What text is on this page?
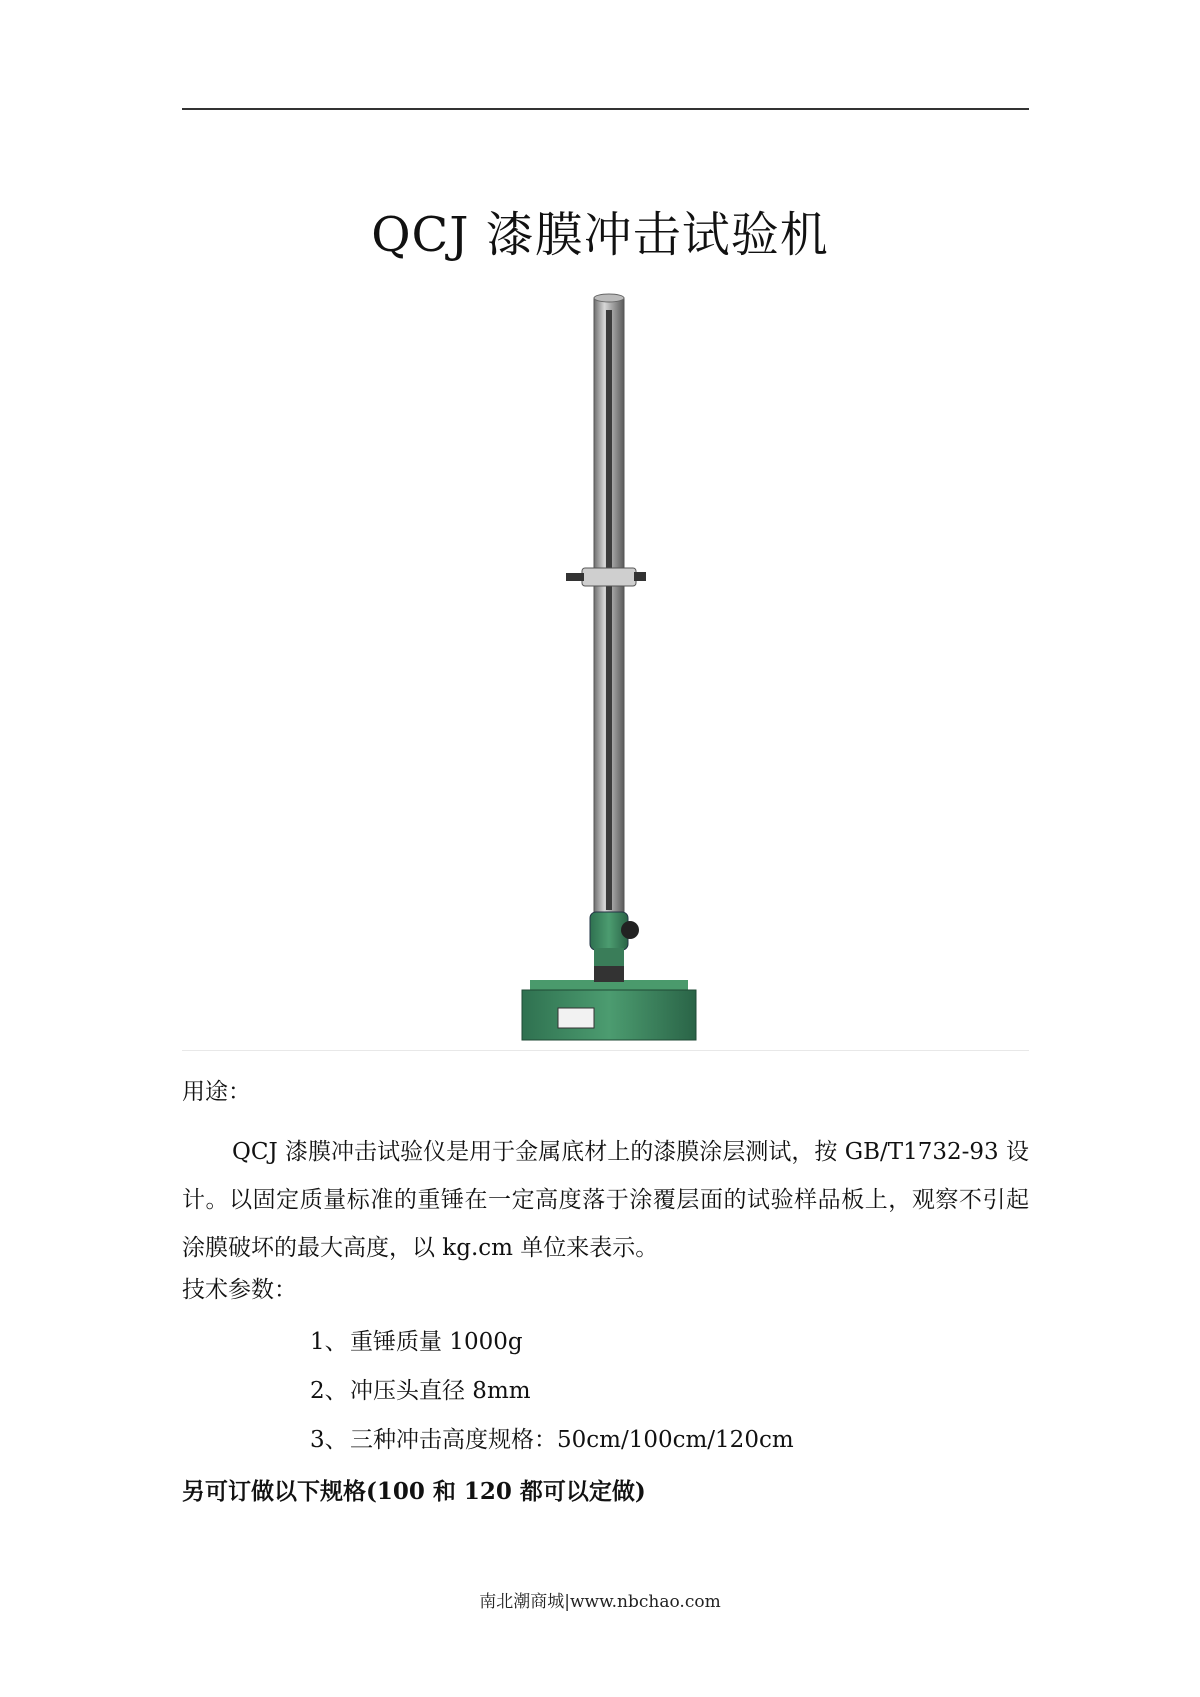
QCJ 漆膜冲击试验机
用途：
QCJ 漆膜冲击试验仪是用于金属底材上的漆膜涂层测试，按 GB/T1732-93 设计。以固定质量标准的重锤在一定高度落于涂覆层面的试验样品板上，观察不引起涂膜破坏的最大高度，以 kg.cm 单位来表示。
技术参数：
1、 重锤质量 1000g
2、 冲压头直径 8mm
3、 三种冲击高度规格：50cm/100cm/120cm
另可订做以下规格(100 和 120 都可以定做)
南北潮商城|www.nbchao.com
